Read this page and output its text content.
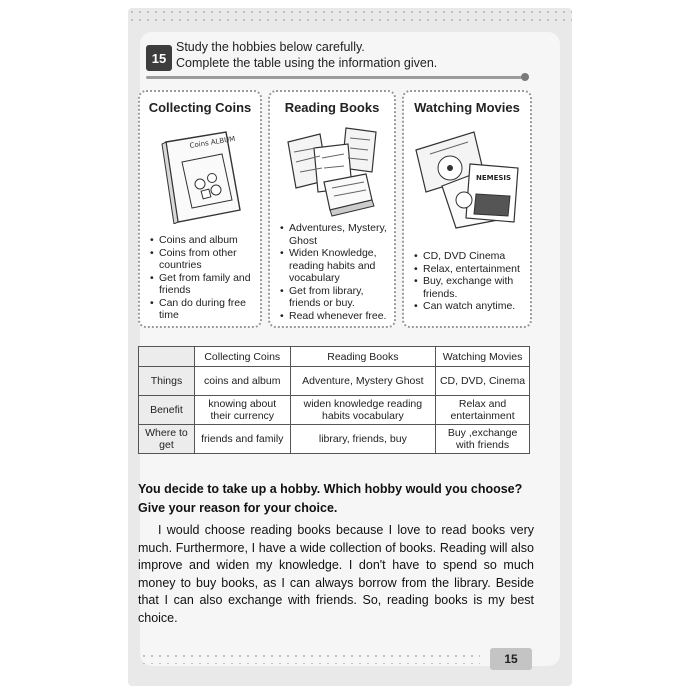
15
Study the hobbies below carefully.
Complete the table using the information given.
Collecting Coins
Coins ALBUM
• Coins and album
• Coins from other countries
• Get from family and friends
• Can do during free time
Reading Books
• Adventures, Mystery, Ghost
• Widen Knowledge, reading habits and vocabulary
• Get from library, friends or buy.
• Read whenever free.
Watching Movies
NEMESIS
• CD, DVD Cinema
• Relax, entertainment
• Buy, exchange with friends.
• Can watch anytime.
	Collecting Coins	Reading Books	Watching Movies
Things	coins and album	Adventure, Mystery Ghost	CD, DVD, Cinema
Benefit	knowing about their currency	widen knowledge reading habits vocabulary	Relax and entertainment
Where to get	friends and family	library, friends, buy	Buy ,exchange with friends
You decide to take up a hobby. Which hobby would you choose? Give your reason for your choice.
I would choose reading books because I love to read books very much. Furthermore, I have a wide collection of books. Reading will also improve and widen my knowledge. I don't have to spend so much money to buy books, as I can always borrow from the library. Beside that I can also exchange with friends. So, reading books is my best choice.
15
